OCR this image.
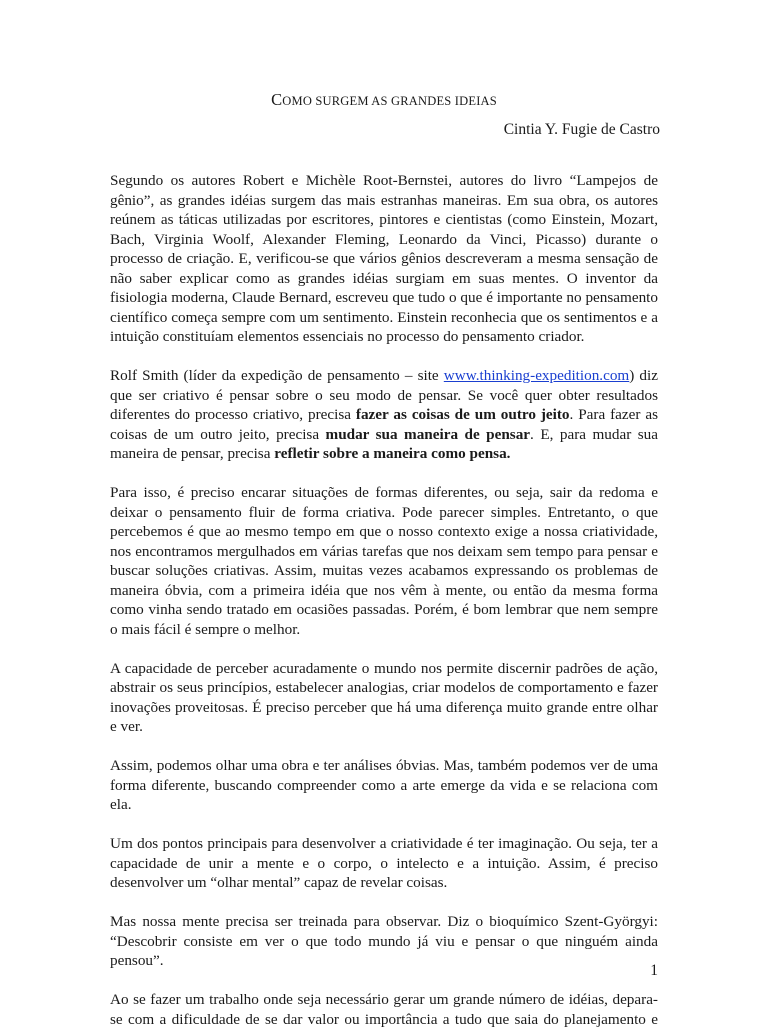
COMO SURGEM AS GRANDES IDEIAS
Cintia Y. Fugie de Castro

Segundo os autores Robert e Michèle Root-Bernstei, autores do livro “Lampejos de gênio”, as grandes idéias surgem das mais estranhas maneiras. Em sua obra, os autores reúnem as táticas utilizadas por escritores, pintores e cientistas (como Einstein, Mozart, Bach, Virginia Woolf, Alexander Fleming, Leonardo da Vinci, Picasso) durante o processo de criação. E, verificou-se que vários gênios descreveram a mesma sensação de não saber explicar como as grandes idéias surgiam em suas mentes. O inventor da fisiologia moderna, Claude Bernard, escreveu que tudo o que é importante no pensamento científico começa sempre com um sentimento. Einstein reconhecia que os sentimentos e a intuição constituíam elementos essenciais no processo do pensamento criador.

Rolf Smith (líder da expedição de pensamento – site www.thinking-expedition.com) diz que ser criativo é pensar sobre o seu modo de pensar. Se você quer obter resultados diferentes do processo criativo, precisa fazer as coisas de um outro jeito. Para fazer as coisas de um outro jeito, precisa mudar sua maneira de pensar. E, para mudar sua maneira de pensar, precisa refletir sobre a maneira como pensa.

Para isso, é preciso encarar situações de formas diferentes, ou seja, sair da redoma e deixar o pensamento fluir de forma criativa. Pode parecer simples. Entretanto, o que percebemos é que ao mesmo tempo em que o nosso contexto exige a nossa criatividade, nos encontramos mergulhados em várias tarefas que nos deixam sem tempo para pensar e buscar soluções criativas. Assim, muitas vezes acabamos expressando os problemas de maneira óbvia, com a primeira idéia que nos vêm à mente, ou então da mesma forma como vinha sendo tratado em ocasiões passadas. Porém, é bom lembrar que nem sempre o mais fácil é sempre o melhor.

A capacidade de perceber acuradamente o mundo nos permite discernir padrões de ação, abstrair os seus princípios, estabelecer analogias, criar modelos de comportamento e fazer inovações proveitosas. É preciso perceber que há uma diferença muito grande entre olhar e ver.

Assim, podemos olhar uma obra e ter análises óbvias. Mas, também podemos ver de uma forma diferente, buscando compreender como a arte emerge da vida e se relaciona com ela.

Um dos pontos principais para desenvolver a criatividade é ter imaginação. Ou seja, ter a capacidade de unir a mente e o corpo, o intelecto e a intuição. Assim, é preciso desenvolver um “olhar mental” capaz de revelar coisas.

Mas nossa mente precisa ser treinada para observar. Diz o bioquímico Szent-Györgyi: “Descobrir consiste em ver o que todo mundo já viu e pensar o que ninguém ainda pensou”.

Ao se fazer um trabalho onde seja necessário gerar um grande número de idéias, depara-se com a dificuldade de se dar valor ou importância a tudo que saia do planejamento e

1
